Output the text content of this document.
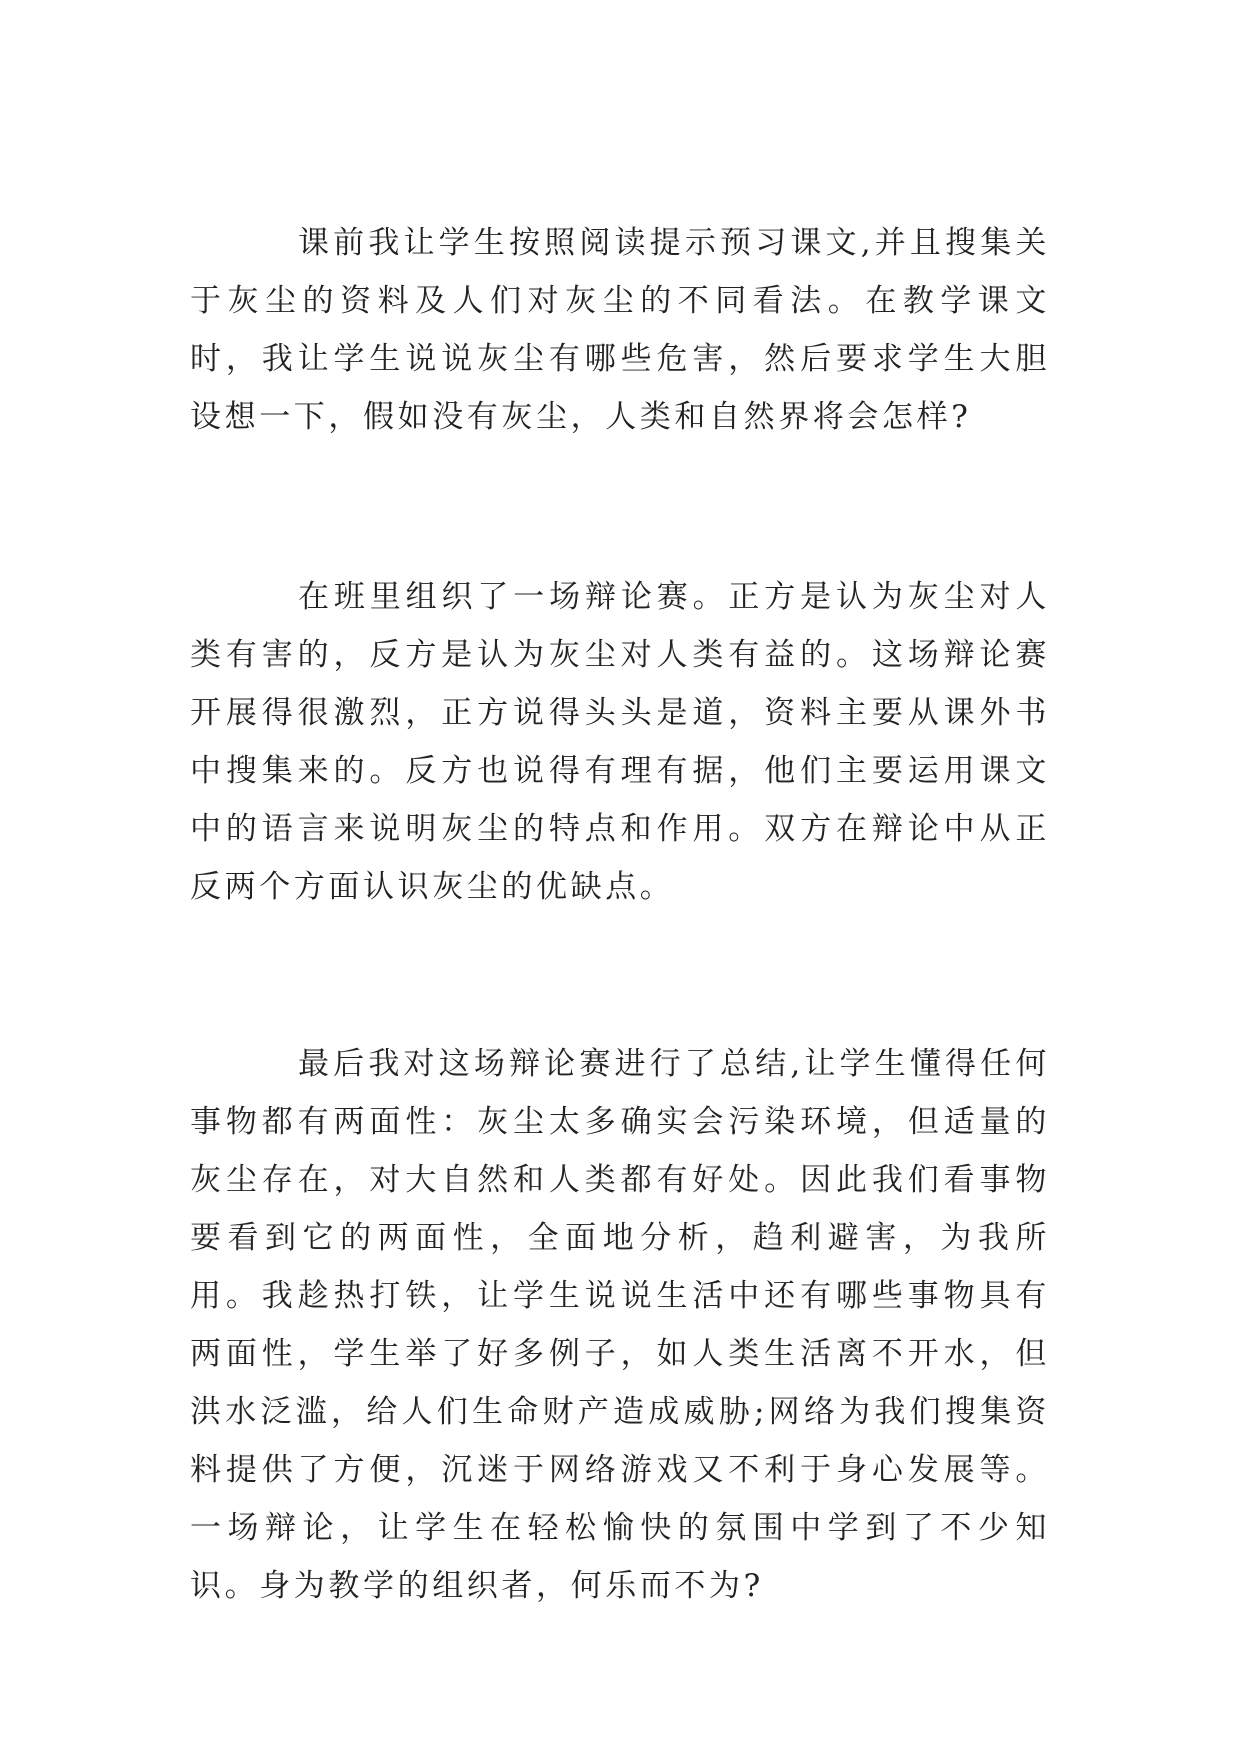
课前我让学生按照阅读提示预习课文,并且搜集关于灰尘的资料及人们对灰尘的不同看法。在教学课文时，我让学生说说灰尘有哪些危害，然后要求学生大胆设想一下，假如没有灰尘，人类和自然界将会怎样?

在班里组织了一场辩论赛。正方是认为灰尘对人类有害的，反方是认为灰尘对人类有益的。这场辩论赛开展得很激烈，正方说得头头是道，资料主要从课外书中搜集来的。反方也说得有理有据，他们主要运用课文中的语言来说明灰尘的特点和作用。双方在辩论中从正反两个方面认识灰尘的优缺点。

最后我对这场辩论赛进行了总结,让学生懂得任何事物都有两面性：灰尘太多确实会污染环境，但适量的灰尘存在，对大自然和人类都有好处。因此我们看事物要看到它的两面性，全面地分析，趋利避害，为我所用。我趁热打铁，让学生说说生活中还有哪些事物具有两面性，学生举了好多例子，如人类生活离不开水，但洪水泛滥，给人们生命财产造成威胁;网络为我们搜集资料提供了方便，沉迷于网络游戏又不利于身心发展等。一场辩论，让学生在轻松愉快的氛围中学到了不少知识。身为教学的组织者，何乐而不为?
